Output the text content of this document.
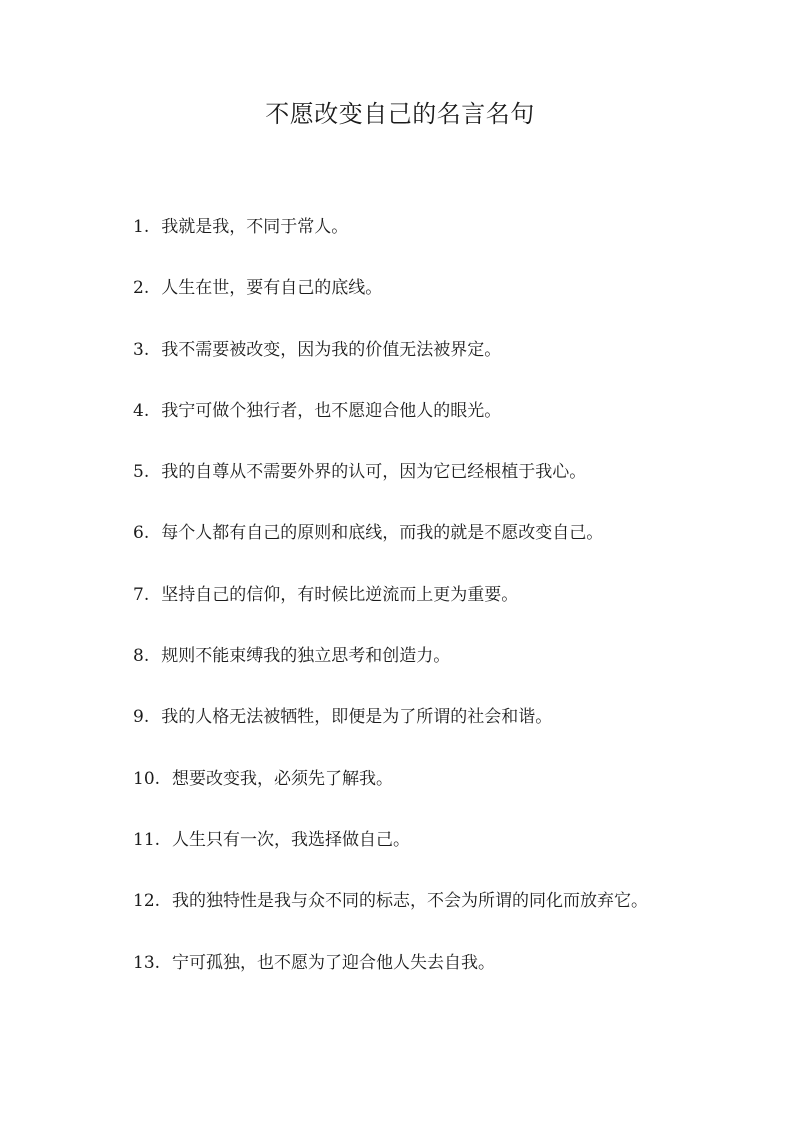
不愿改变自己的名言名句
1. 我就是我，不同于常人。
2. 人生在世，要有自己的底线。
3. 我不需要被改变，因为我的价值无法被界定。
4. 我宁可做个独行者，也不愿迎合他人的眼光。
5. 我的自尊从不需要外界的认可，因为它已经根植于我心。
6. 每个人都有自己的原则和底线，而我的就是不愿改变自己。
7. 坚持自己的信仰，有时候比逆流而上更为重要。
8. 规则不能束缚我的独立思考和创造力。
9. 我的人格无法被牺牲，即便是为了所谓的社会和谐。
10. 想要改变我，必须先了解我。
11. 人生只有一次，我选择做自己。
12. 我的独特性是我与众不同的标志，不会为所谓的同化而放弃它。
13. 宁可孤独，也不愿为了迎合他人失去自我。
